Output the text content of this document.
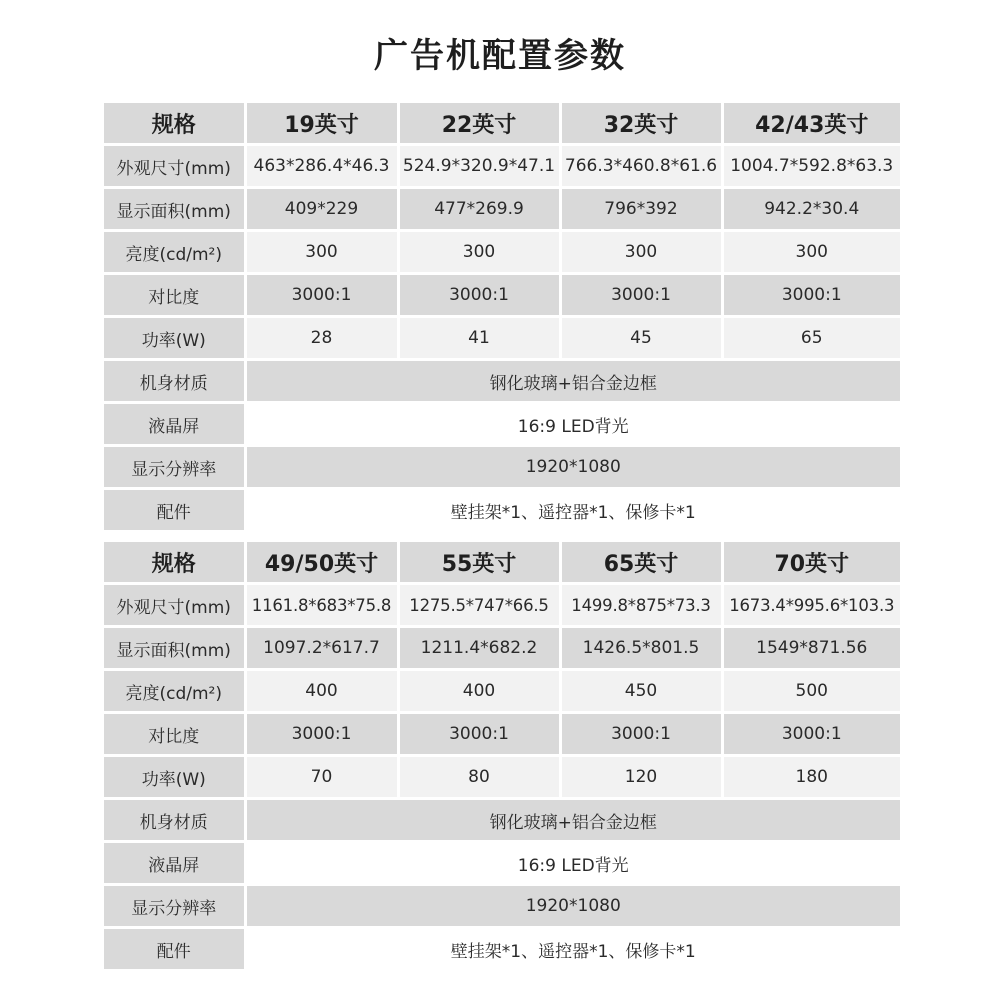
广告机配置参数
规格	19英寸	22英寸	32英寸	42/43英寸
外观尺寸(mm)	463*286.4*46.3	524.9*320.9*47.1	766.3*460.8*61.6	1004.7*592.8*63.3
显示面积(mm)	409*229	477*269.9	796*392	942.2*30.4
亮度(cd/m²)	300	300	300	300
对比度	3000:1	3000:1	3000:1	3000:1
功率(W)	28	41	45	65
机身材质	钢化玻璃+铝合金边框			
液晶屏	16:9 LED背光			
显示分辨率	1920*1080			
配件	壁挂架*1、遥控器*1、保修卡*1			
规格	49/50英寸	55英寸	65英寸	70英寸
外观尺寸(mm)	1161.8*683*75.8	1275.5*747*66.5	1499.8*875*73.3	1673.4*995.6*103.3
显示面积(mm)	1097.2*617.7	1211.4*682.2	1426.5*801.5	1549*871.56
亮度(cd/m²)	400	400	450	500
对比度	3000:1	3000:1	3000:1	3000:1
功率(W)	70	80	120	180
机身材质	钢化玻璃+铝合金边框			
液晶屏	16:9 LED背光			
显示分辨率	1920*1080			
配件	壁挂架*1、遥控器*1、保修卡*1			
